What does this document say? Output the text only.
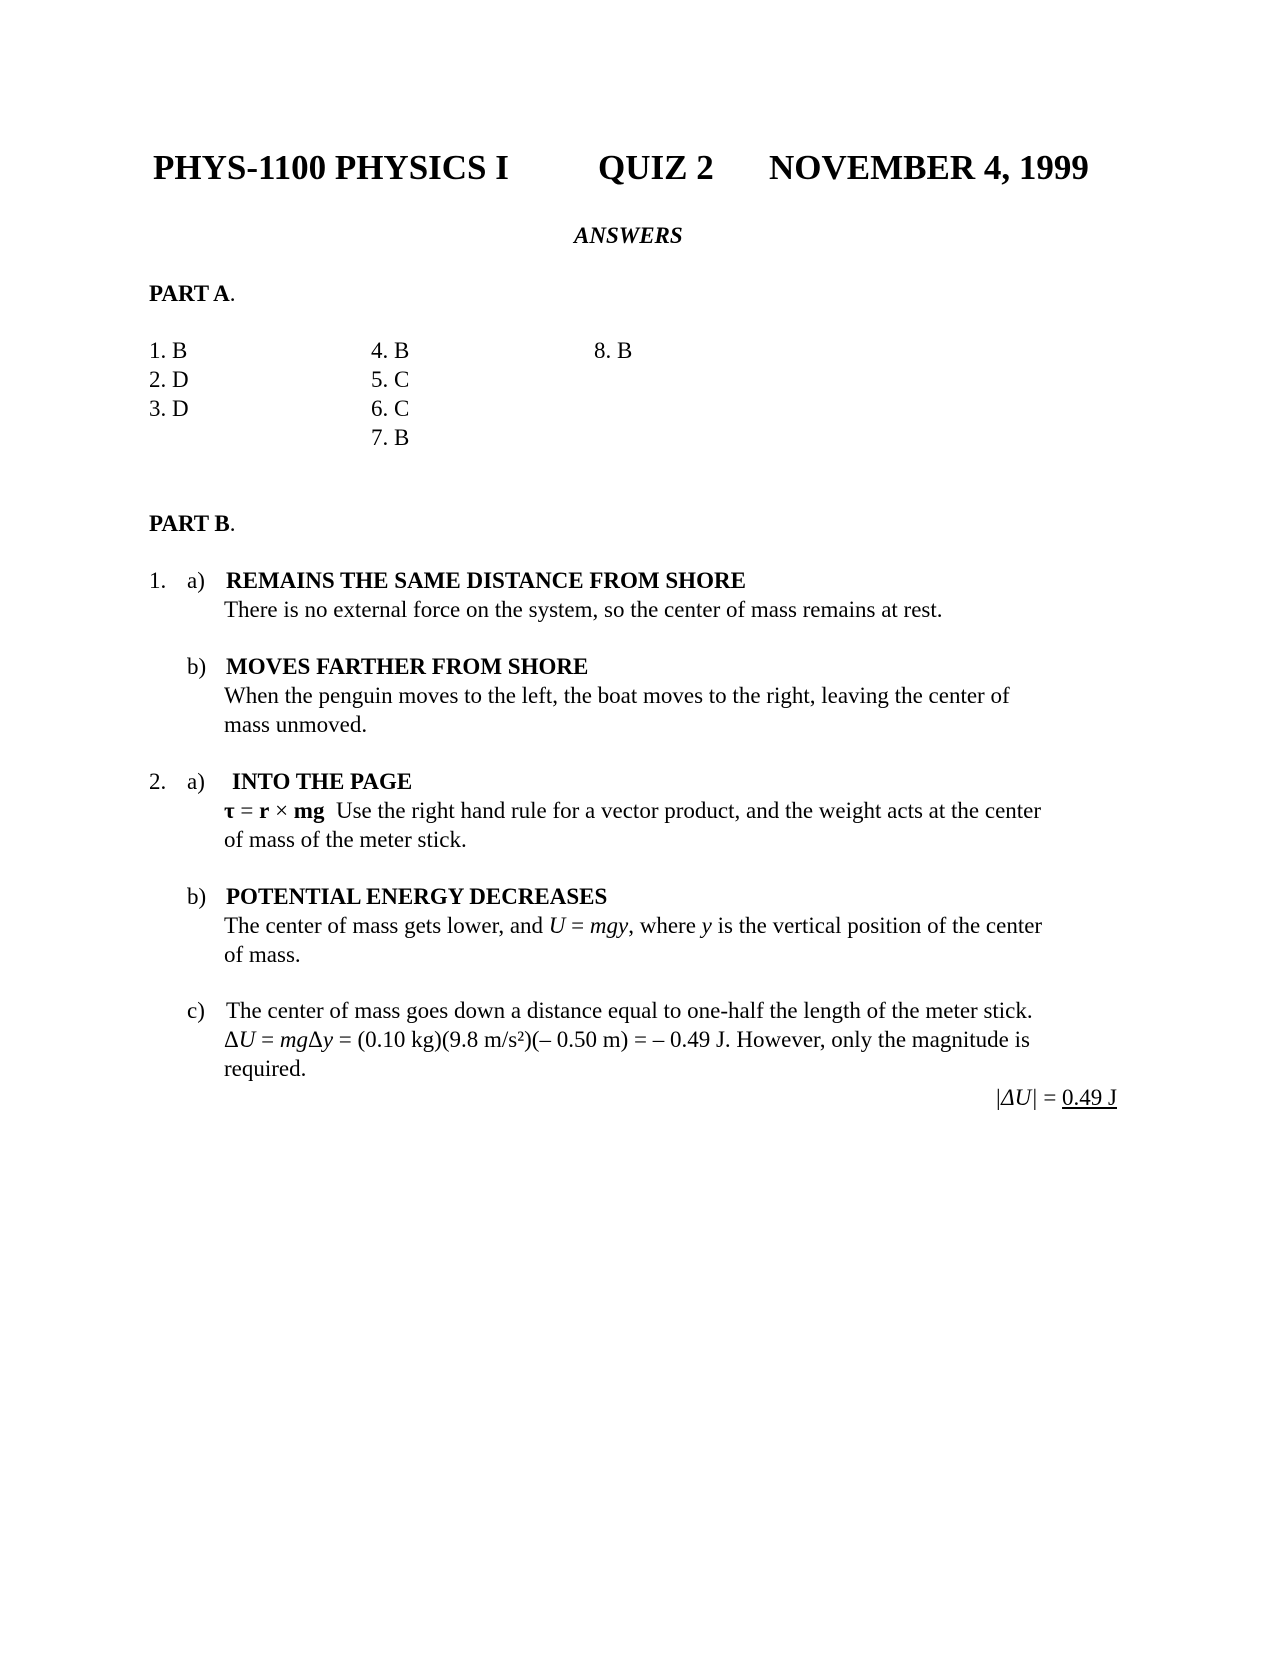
PHYS-1100 PHYSICS I	QUIZ 2 NOVEMBER 4, 1999
ANSWERS
PART A.
1. B
2. D
3. D
4. B
5. C
6. C
7. B
8. B
PART B.
1. a) REMAINS THE SAME DISTANCE FROM SHORE
There is no external force on the system, so the center of mass remains at rest.
b) MOVES FARTHER FROM SHORE
When the penguin moves to the left, the boat moves to the right, leaving the center of
mass unmoved.
2. a) INTO THE PAGE
τ = r × mg Use the right hand rule for a vector product, and the weight acts at the center
of mass of the meter stick.
b) POTENTIAL ENERGY DECREASES
The center of mass gets lower, and U = mgy, where y is the vertical position of the center
of mass.
c) The center of mass goes down a distance equal to one-half the length of the meter stick.
ΔU = mgΔy = (0.10 kg)(9.8 m/s²)(– 0.50 m) = – 0.49 J. However, only the magnitude is
required.
|ΔU| = 0.49 J
